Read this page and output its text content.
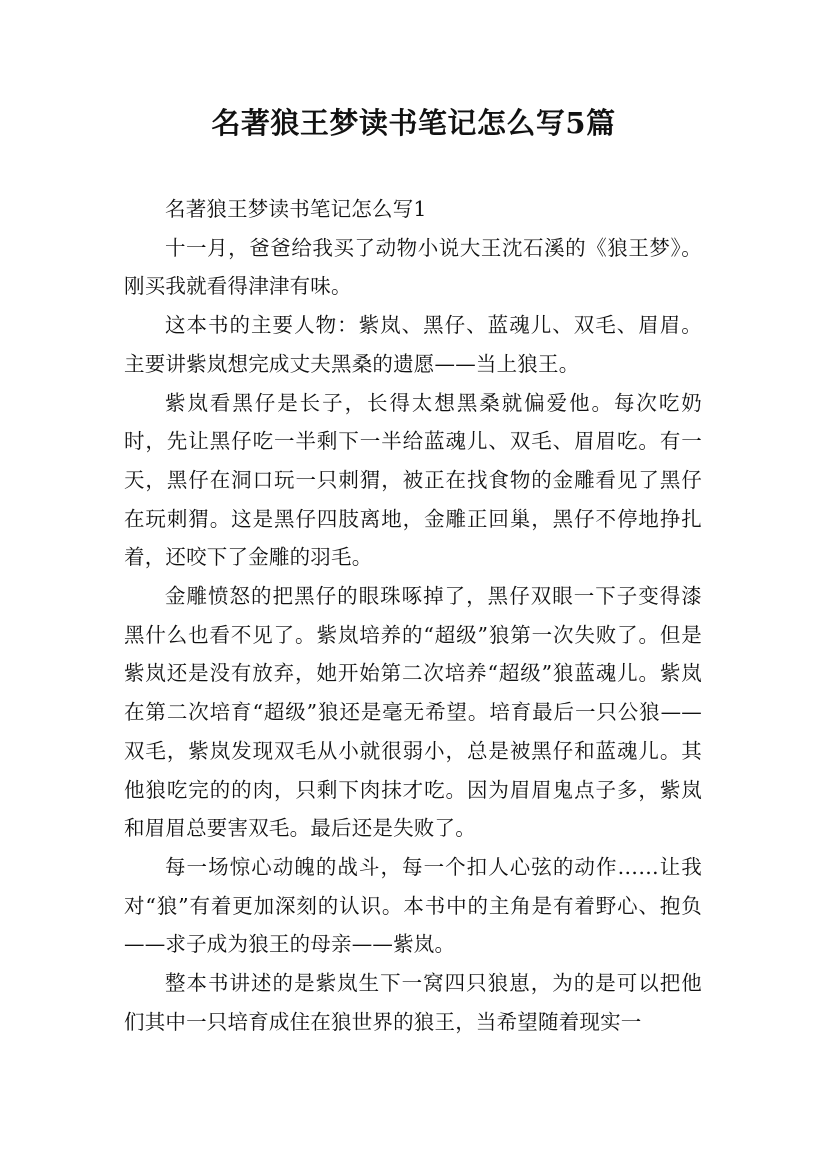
名著狼王梦读书笔记怎么写5篇

名著狼王梦读书笔记怎么写1

十一月，爸爸给我买了动物小说大王沈石溪的《狼王梦》。刚买我就看得津津有味。

这本书的主要人物：紫岚、黑仔、蓝魂儿、双毛、眉眉。主要讲紫岚想完成丈夫黑桑的遗愿——当上狼王。

紫岚看黑仔是长子，长得太想黑桑就偏爱他。每次吃奶时，先让黑仔吃一半剩下一半给蓝魂儿、双毛、眉眉吃。有一天，黑仔在洞口玩一只刺猬，被正在找食物的金雕看见了黑仔在玩刺猬。这是黑仔四肢离地，金雕正回巢，黑仔不停地挣扎着，还咬下了金雕的羽毛。

金雕愤怒的把黑仔的眼珠啄掉了，黑仔双眼一下子变得漆黑什么也看不见了。紫岚培养的“超级”狼第一次失败了。但是紫岚还是没有放弃，她开始第二次培养“超级”狼蓝魂儿。紫岚在第二次培育“超级”狼还是毫无希望。培育最后一只公狼——双毛，紫岚发现双毛从小就很弱小，总是被黑仔和蓝魂儿。其他狼吃完的的肉，只剩下肉抹才吃。因为眉眉鬼点子多，紫岚和眉眉总要害双毛。最后还是失败了。

每一场惊心动魄的战斗，每一个扣人心弦的动作……让我对“狼”有着更加深刻的认识。本书中的主角是有着野心、抱负——求子成为狼王的母亲——紫岚。

整本书讲述的是紫岚生下一窝四只狼崽，为的是可以把他们其中一只培育成住在狼世界的狼王，当希望随着现实一
